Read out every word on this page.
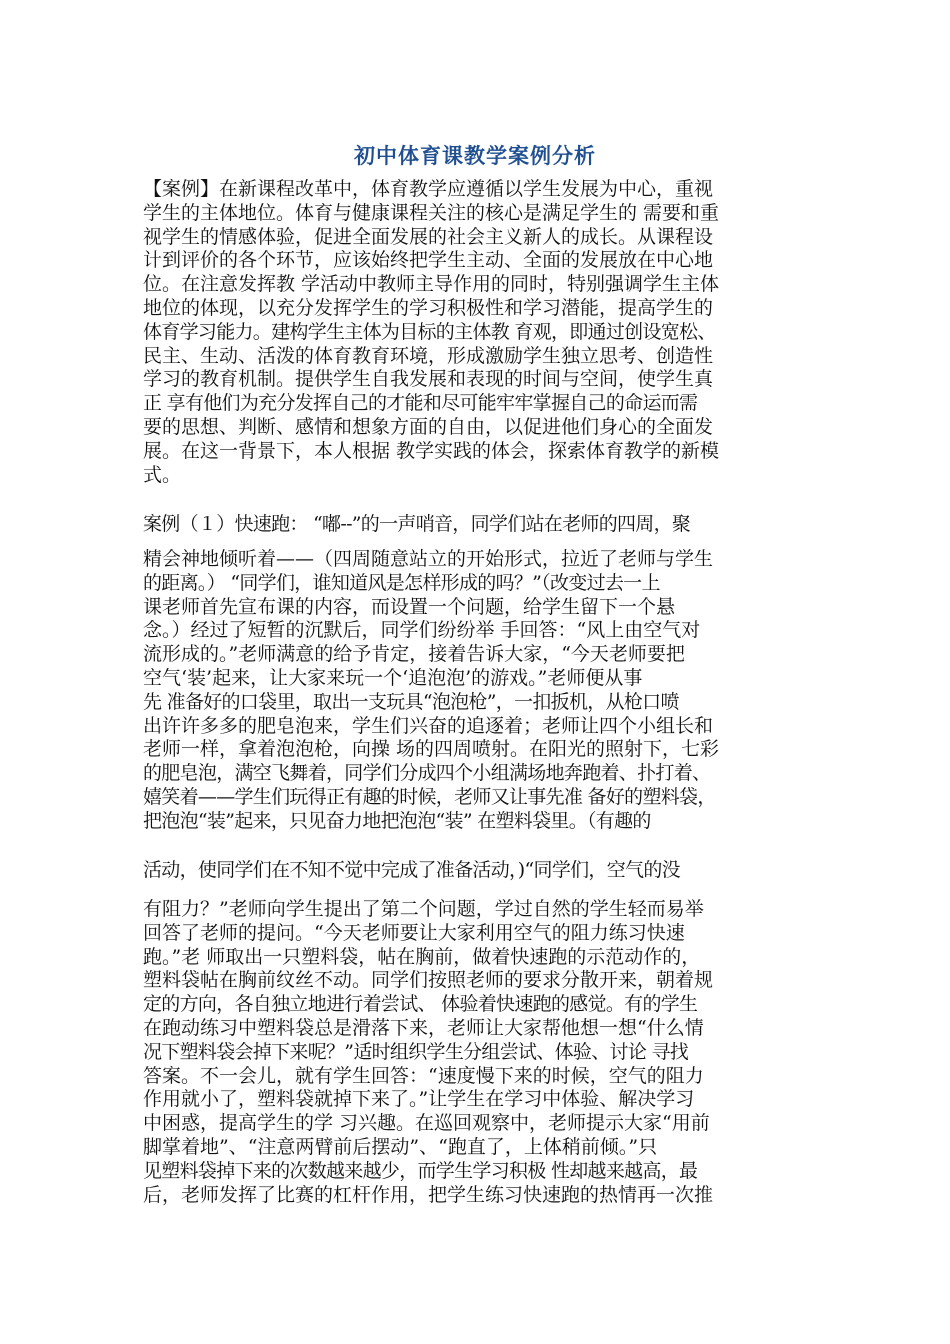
初中体育课教学案例分析
【案例】在新课程改革中，体育教学应遵循以学生发展为中心，重视
学生的主体地位。体育与健康课程关注的核心是满足学生的 需要和重
视学生的情感体验，促进全面发展的社会主义新人的成长。从课程设
计到评价的各个环节，应该始终把学生主动、全面的发展放在中心地
位。在注意发挥教 学活动中教师主导作用的同时，特别强调学生主体
地位的体现，以充分发挥学生的学习积极性和学习潜能，提高学生的
体育学习能力。建构学生主体为目标的主体教 育观，即通过创设宽松、
民主、生动、活泼的体育教育环境，形成激励学生独立思考、创造性
学习的教育机制。提供学生自我发展和表现的时间与空间，使学生真
正 享有他们为充分发挥自己的才能和尽可能牢牢掌握自己的命运而需
要的思想、判断、感情和想象方面的自由，以促进他们身心的全面发
展。在这一背景下，本人根据 教学实践的体会，探索体育教学的新模
式。
案例（１）快速跑： “嘟--”的一声哨音，同学们站在老师的四周，聚
精会神地倾听着——（四周随意站立的开始形式，拉近了老师与学生
的距离。） “同学们，谁知道风是怎样形成的吗？”（改变过去一上
课老师首先宣布课的内容，而设置一个问题，给学生留下一个悬
念。）经过了短暂的沉默后，同学们纷纷举 手回答：“风上由空气对
流形成的。”老师满意的给予肯定，接着告诉大家，“今天老师要把
空气‘装’起来，让大家来玩一个‘追泡泡’的游戏。”老师便从事
先 准备好的口袋里，取出一支玩具“泡泡枪”，一扣扳机，从枪口喷
出许许多多的肥皂泡来，学生们兴奋的追逐着；老师让四个小组长和
老师一样，拿着泡泡枪，向操 场的四周喷射。在阳光的照射下，七彩
的肥皂泡，满空飞舞着，同学们分成四个小组满场地奔跑着、扑打着、
嬉笑着——学生们玩得正有趣的时候，老师又让事先准 备好的塑料袋，
把泡泡“装”起来，只见奋力地把泡泡“装” 在塑料袋里。（有趣的
活动，使同学们在不知不觉中完成了准备活动，)“同学们，空气的没
有阻力？”老师向学生提出了第二个问题，学过自然的学生轻而易举
回答了老师的提问。“今天老师要让大家利用空气的阻力练习快速
跑。”老 师取出一只塑料袋，帖在胸前，做着快速跑的示范动作的，
塑料袋帖在胸前纹丝不动。同学们按照老师的要求分散开来，朝着规
定的方向，各自独立地进行着尝试、 体验着快速跑的感觉。有的学生
在跑动练习中塑料袋总是滑落下来，老师让大家帮他想一想“什么情
况下塑料袋会掉下来呢？”适时组织学生分组尝试、体验、讨论 寻找
答案。不一会儿，就有学生回答：“速度慢下来的时候，空气的阻力
作用就小了，塑料袋就掉下来了。”让学生在学习中体验、解决学习
中困惑，提高学生的学 习兴趣。在巡回观察中，老师提示大家“用前
脚掌着地”、“注意两臂前后摆动”、“跑直了，上体稍前倾。”只
见塑料袋掉下来的次数越来越少，而学生学习积极 性却越来越高，最
后，老师发挥了比赛的杠杆作用，把学生练习快速跑的热情再一次推
